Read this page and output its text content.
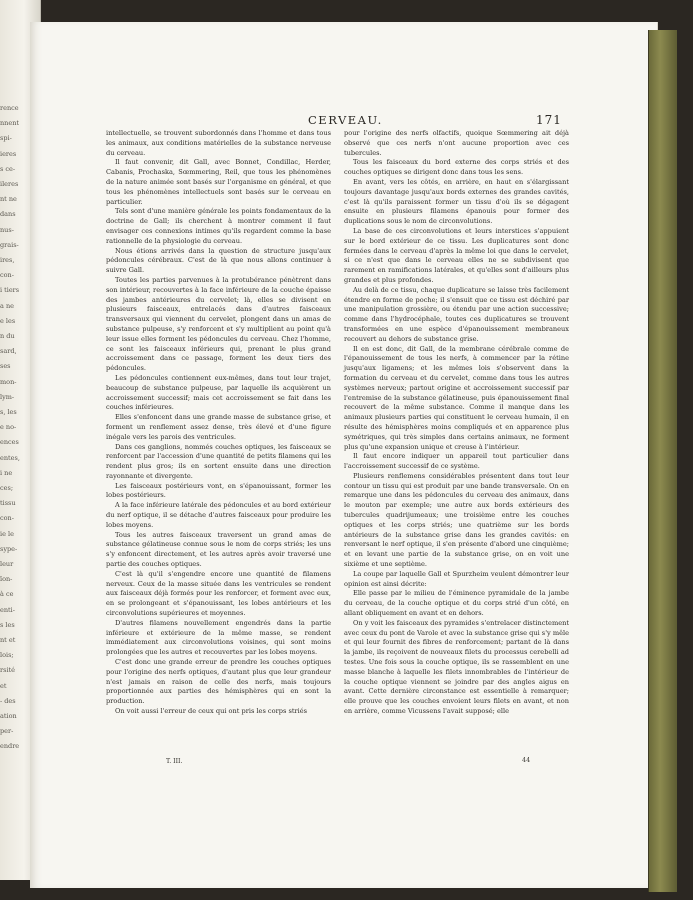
rence
nnent
spi-
ieres
s ce-
ileres
nt ne
dans
nus-
grais-
ires,
con-
i tiers
a ne
e les
n du
sard,
ses
mon-
lym-
s, les
e no-
ences
entes,
i ne
ces;
tissu
con-
ie le
sype-
leur
ïon-
à ce
enti-
s les
nt et
lois;
rsité
et
- des
ation
per-
endre
CERVEAU.	171

intellectuelle, se trouvent subordonnés dans l'homme et dans tous les animaux, aux conditions matérielles de la substance nerveuse du cerveau.

Il faut convenir, dit Gall, avec Bonnet, Condillac, Herder, Cabanis, Prochaska, Sœmmering, Reil, que tous les phénomènes de la nature animée sont basés sur l'organisme en général, et que tous les phénomènes intellectuels sont basés sur le cerveau en particulier.

Tels sont d'une manière générale les points fondamentaux de la doctrine de Gall; ils cherchent à montrer comment il faut envisager ces connexions intimes qu'ils regardent comme la base rationnelle de la physiologie du cerveau.

Nous étions arrivés dans la question de structure jusqu'aux pédoncules cérébraux. C'est de là que nous allons continuer à suivre Gall.

Toutes les parties parvenues à la protubérance pénètrent dans son intérieur, recouvertes à la face inférieure de la couche épaisse des jambes antérieures du cervelet; là, elles se divisent en plusieurs faisceaux, entrelacés dans d'autres faisceaux transversaux qui viennent du cervelet, plongent dans un amas de substance pulpeuse, s'y renforcent et s'y multiplient au point qu'à leur issue elles forment les pédoncules du cerveau. Chez l'homme, ce sont les faisceaux inférieurs qui, prenant le plus grand accroissement dans ce passage, forment les deux tiers des pédoncules.

Les pédoncules contiennent eux-mêmes, dans tout leur trajet, beaucoup de substance pulpeuse, par laquelle ils acquièrent un accroissement successif; mais cet accroissement se fait dans les couches inférieures.

Elles s'enfoncent dans une grande masse de substance grise, et forment un renflement assez dense, très élevé et d'une figure inégale vers les parois des ventricules.

Dans ces ganglions, nommés couches optiques, les faisceaux se renforcent par l'accession d'une quantité de petits filamens qui les rendent plus gros; ils en sortent ensuite dans une direction rayonnante et divergente.

Les faisceaux postérieurs vont, en s'épanouissant, former les lobes postérieurs.

A la face inférieure latérale des pédoncules et au bord extérieur du nerf optique, il se détache d'autres faisceaux pour produire les lobes moyens.

Tous les autres faisceaux traversent un grand amas de substance gélatineuse connue sous le nom de corps striés; les uns s'y enfoncent directement, et les autres après avoir traversé une partie des couches optiques.

C'est là qu'il s'engendre encore une quantité de filamens nerveux. Ceux de la masse située dans les ventricules se rendent aux faisceaux déjà formés pour les renforcer, et forment avec eux, en se prolongeant et s'épanouissant, les lobes antérieurs et les circonvolutions supérieures et moyennes.

D'autres filamens nouvellement engendrés dans la partie inférieure et extérieure de la même masse, se rendent immédiatement aux circonvolutions voisines, qui sont moins prolongées que les autres et recouvertes par les lobes moyens.

C'est donc une grande erreur de prendre les couches optiques pour l'origine des nerfs optiques, d'autant plus que leur grandeur n'est jamais en raison de celle des nerfs, mais toujours proportionnée aux parties des hémisphères qui en sont la production.

On voit aussi l'erreur de ceux qui ont pris les corps striés

pour l'origine des nerfs olfactifs, quoique Sœmmering ait déjà observé que ces nerfs n'ont aucune proportion avec ces tubercules.

Tous les faisceaux du bord externe des corps striés et des couches optiques se dirigent donc dans tous les sens.

En avant, vers les côtés, en arrière, en haut en s'élargissant toujours davantage jusqu'aux bords externes des grandes cavités, c'est là qu'ils paraissent former un tissu d'où ils se dégagent ensuite en plusieurs filamens épanouis pour former des duplications sous le nom de circonvolutions.

La base de ces circonvolutions et leurs interstices s'appuient sur le bord extérieur de ce tissu. Les duplicatures sont donc fermées dans le cerveau d'après la même loi que dans le cervelet, si ce n'est que dans le cerveau elles ne se subdivisent que rarement en ramifications latérales, et qu'elles sont d'ailleurs plus grandes et plus profondes.

Au delà de ce tissu, chaque duplicature se laisse très facilement étendre en forme de poche; il s'ensuit que ce tissu est déchiré par une manipulation grossière, ou étendu par une action successive; comme dans l'hydrocéphale, toutes ces duplicatures se trouvent transformées en une espèce d'épanouissement membraneux recouvert au dehors de substance grise.

Il en est donc, dit Gall, de la membrane cérébrale comme de l'épanouissement de tous les nerfs, à commencer par la rétine jusqu'aux ligamens; et les mêmes lois s'observent dans la formation du cerveau et du cervelet, comme dans tous les autres systèmes nerveux; partout origine et accroissement successif par l'entremise de la substance gélatineuse, puis épanouissement final recouvert de la même substance. Comme il manque dans les animaux plusieurs parties qui constituent le cerveau humain, il en résulte des hémisphères moins compliqués et en apparence plus symétriques, qui très simples dans certains animaux, ne forment plus qu'une expansion unique et creuse à l'intérieur.

Il faut encore indiquer un appareil tout particulier dans l'accroissement successif de ce système.

Plusieurs renflemens considérables présentent dans tout leur contour un tissu qui est produit par une bande transversale. On en remarque une dans les pédoncules du cerveau des animaux, dans le mouton par exemple; une autre aux bords extérieurs des tubercules quadrijumeaux; une troisième entre les couches optiques et les corps striés; une quatrième sur les bords antérieurs de la substance grise dans les grandes cavités: en renversant le nerf optique, il s'en présente d'abord une cinquième; et en levant une partie de la substance grise, on en voit une sixième et une septième.

La coupe par laquelle Gall et Spurzheim veulent démontrer leur opinion est ainsi décrite:

Elle passe par le milieu de l'éminence pyramidale de la jambe du cerveau, de la couche optique et du corps strié d'un côté, en allant obliquement en avant et en dehors.

On y voit les faisceaux des pyramides s'entrelacer distinctement avec ceux du pont de Varole et avec la substance grise qui s'y mêle et qui leur fournit des fibres de renforcement; partant de là dans la jambe, ils reçoivent de nouveaux filets du processus cerebelli ad testes. Une fois sous la couche optique, ils se rassemblent en une masse blanche à laquelle les filets innombrables de l'intérieur de la couche optique viennent se joindre par des angles aigus en avant. Cette dernière circonstance est essentielle à remarquer; elle prouve que les couches envoient leurs filets en avant, et non en arrière, comme Vicussens l'avait supposé; elle

T. III.	44
